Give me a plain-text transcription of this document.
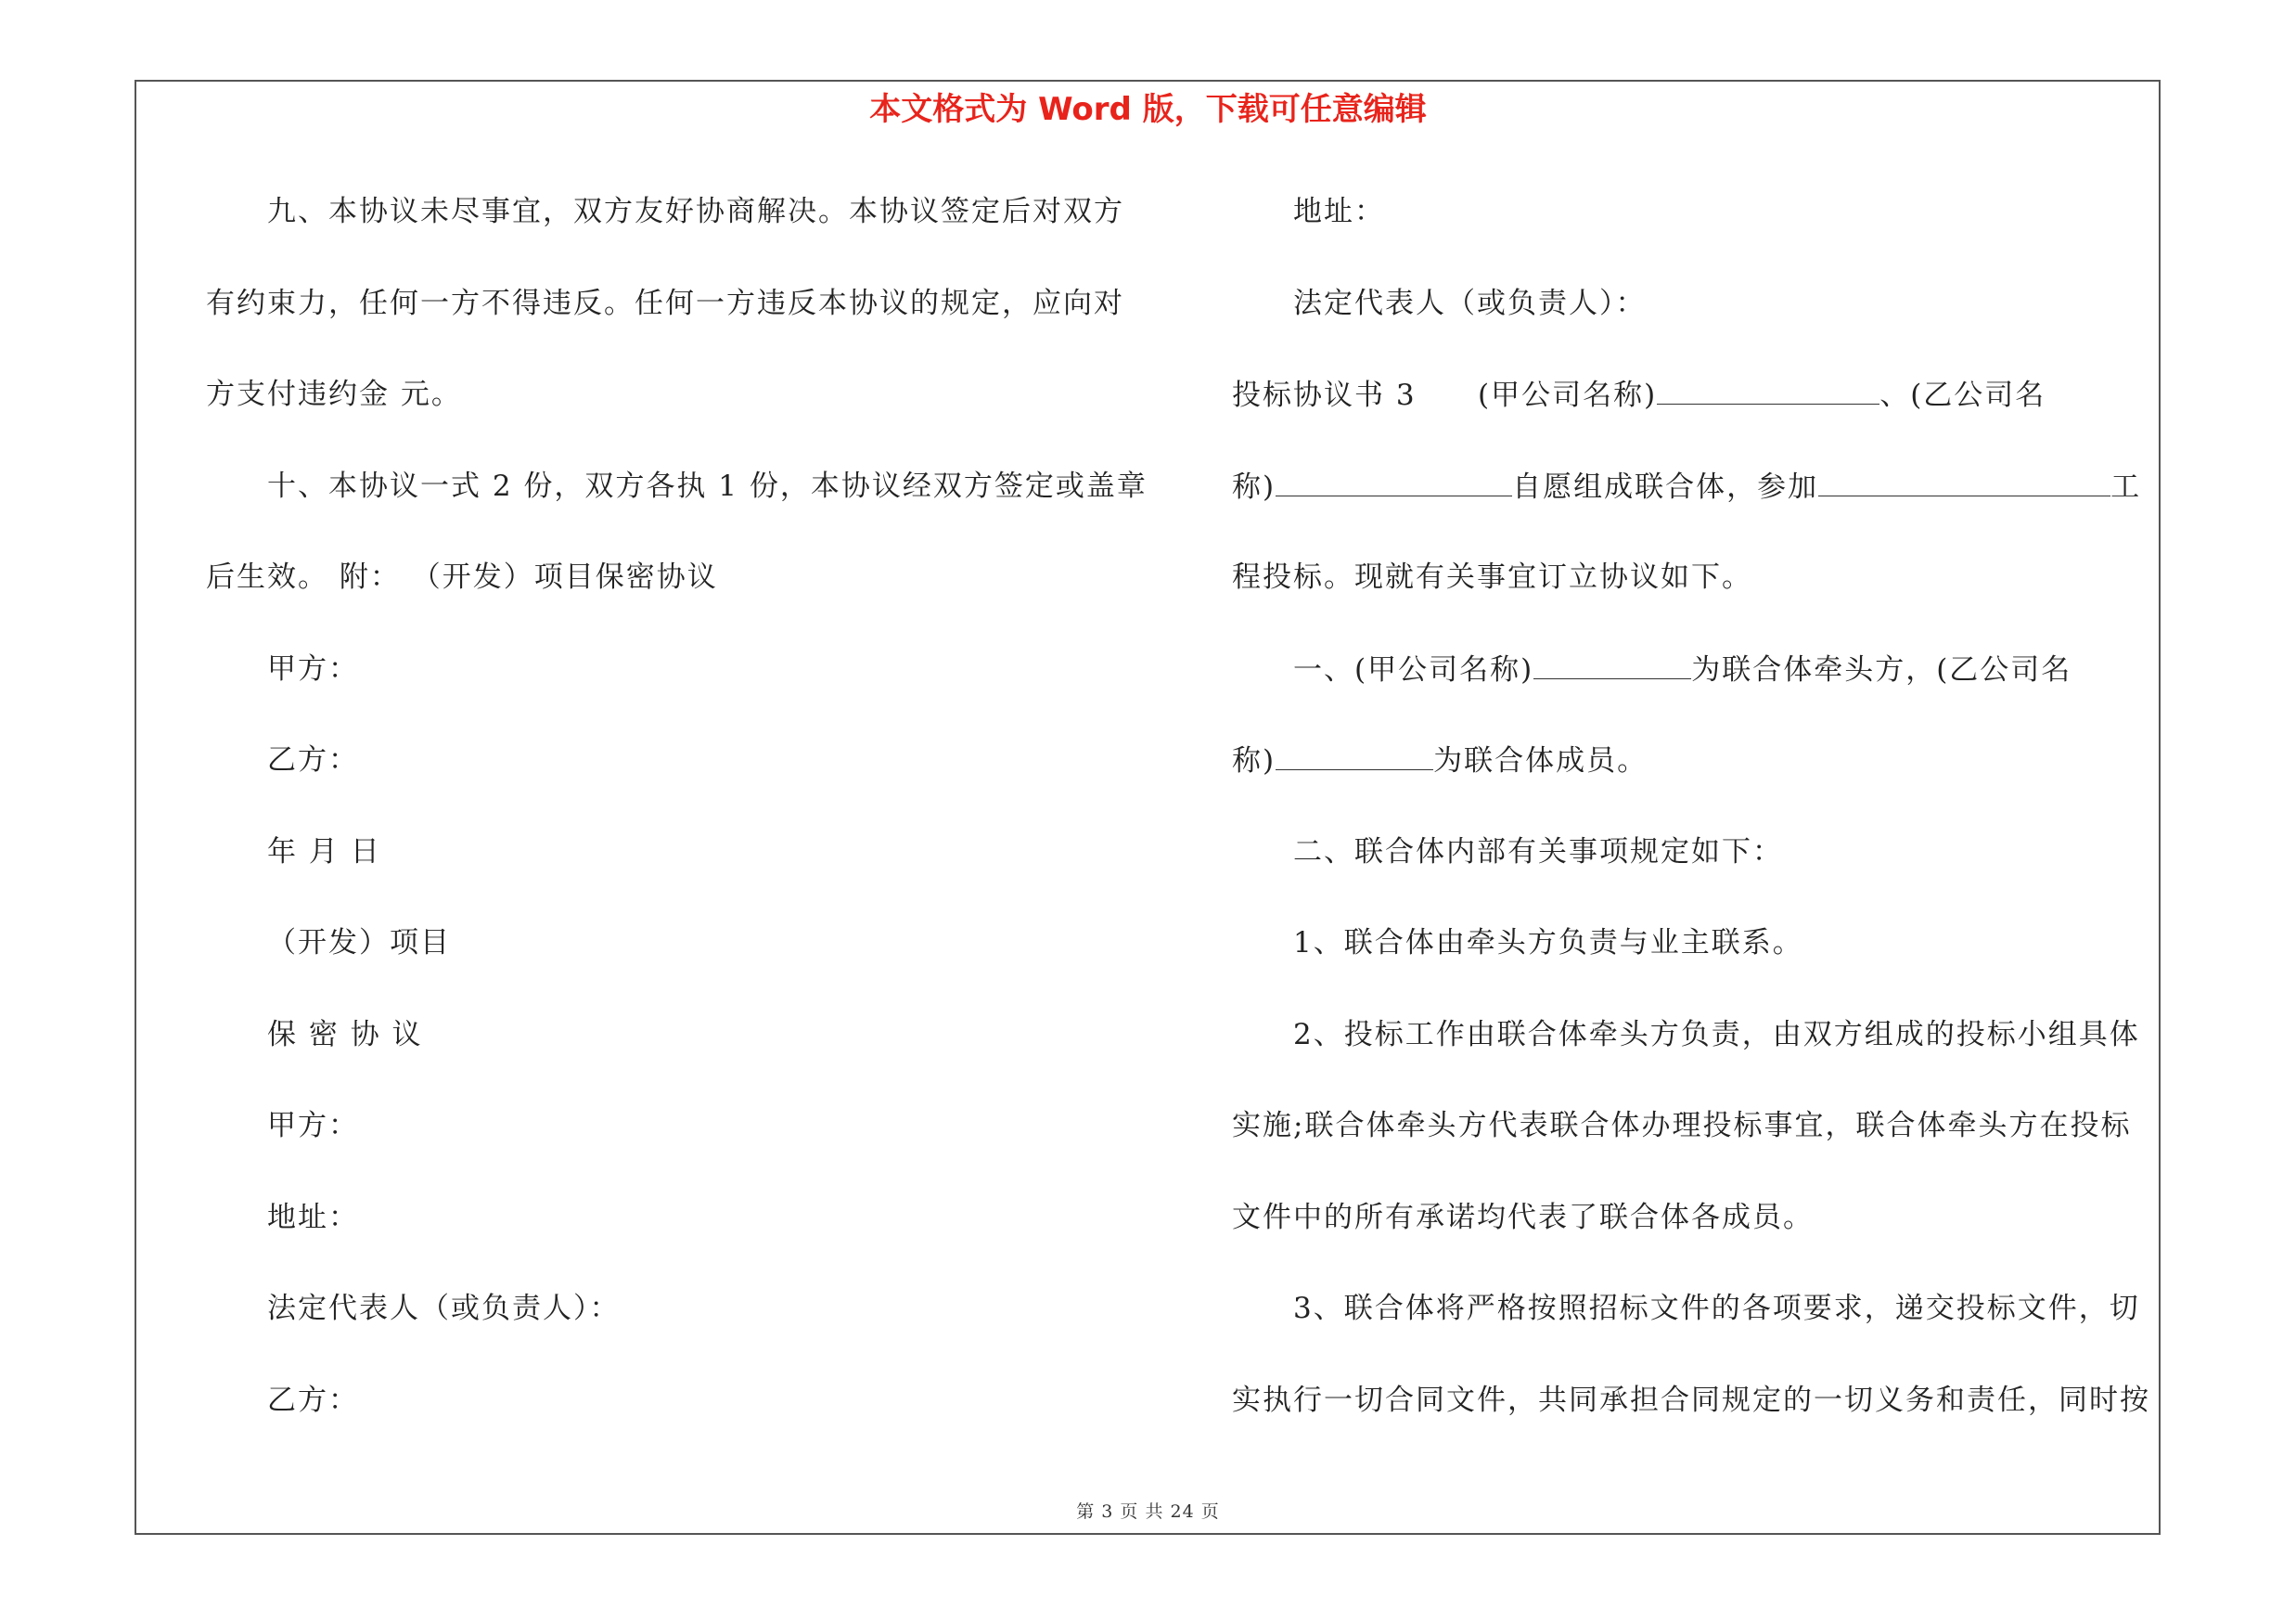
本文格式为 Word 版，下载可任意编辑
九、本协议未尽事宜，双方友好协商解决。本协议签定后对双方
有约束力，任何一方不得违反。任何一方违反本协议的规定，应向对
方支付违约金 元。
十、本协议一式 2 份，双方各执 1 份，本协议经双方签定或盖章
后生效。 附： （开发）项目保密协议
甲方：
乙方：
年 月 日
（开发）项目
保 密 协 议
甲方：
地址：
法定代表人（或负责人）：
乙方：
地址：
法定代表人（或负责人）：
投标协议书 3 (甲公司名称)	、(乙公司名
称)	自愿组成联合体，参加	工
程投标。现就有关事宜订立协议如下。
一、(甲公司名称)	为联合体牵头方，(乙公司名
称)	为联合体成员。
二、联合体内部有关事项规定如下：
1、联合体由牵头方负责与业主联系。
2、投标工作由联合体牵头方负责，由双方组成的投标小组具体
实施;联合体牵头方代表联合体办理投标事宜，联合体牵头方在投标
文件中的所有承诺均代表了联合体各成员。
3、联合体将严格按照招标文件的各项要求，递交投标文件，切
实执行一切合同文件，共同承担合同规定的一切义务和责任，同时按
第 3 页 共 24 页
